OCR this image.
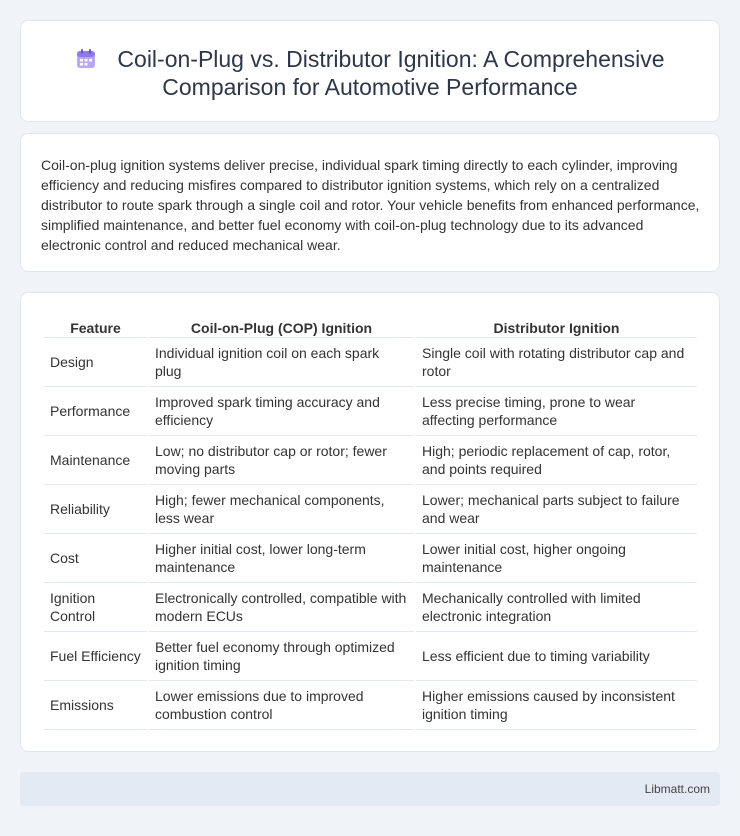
Coil-on-Plug vs. Distributor Ignition: A Comprehensive Comparison for Automotive Performance

Coil-on-plug ignition systems deliver precise, individual spark timing directly to each cylinder, improving efficiency and reducing misfires compared to distributor ignition systems, which rely on a centralized distributor to route spark through a single coil and rotor. Your vehicle benefits from enhanced performance, simplified maintenance, and better fuel economy with coil-on-plug technology due to its advanced electronic control and reduced mechanical wear.

Feature	Coil-on-Plug (COP) Ignition	Distributor Ignition
Design	Individual ignition coil on each spark plug	Single coil with rotating distributor cap and rotor
Performance	Improved spark timing accuracy and efficiency	Less precise timing, prone to wear affecting performance
Maintenance	Low; no distributor cap or rotor; fewer moving parts	High; periodic replacement of cap, rotor, and points required
Reliability	High; fewer mechanical components, less wear	Lower; mechanical parts subject to failure and wear
Cost	Higher initial cost, lower long-term maintenance	Lower initial cost, higher ongoing maintenance
Ignition Control	Electronically controlled, compatible with modern ECUs	Mechanically controlled with limited electronic integration
Fuel Efficiency	Better fuel economy through optimized ignition timing	Less efficient due to timing variability
Emissions	Lower emissions due to improved combustion control	Higher emissions caused by inconsistent ignition timing
Libmatt.com
